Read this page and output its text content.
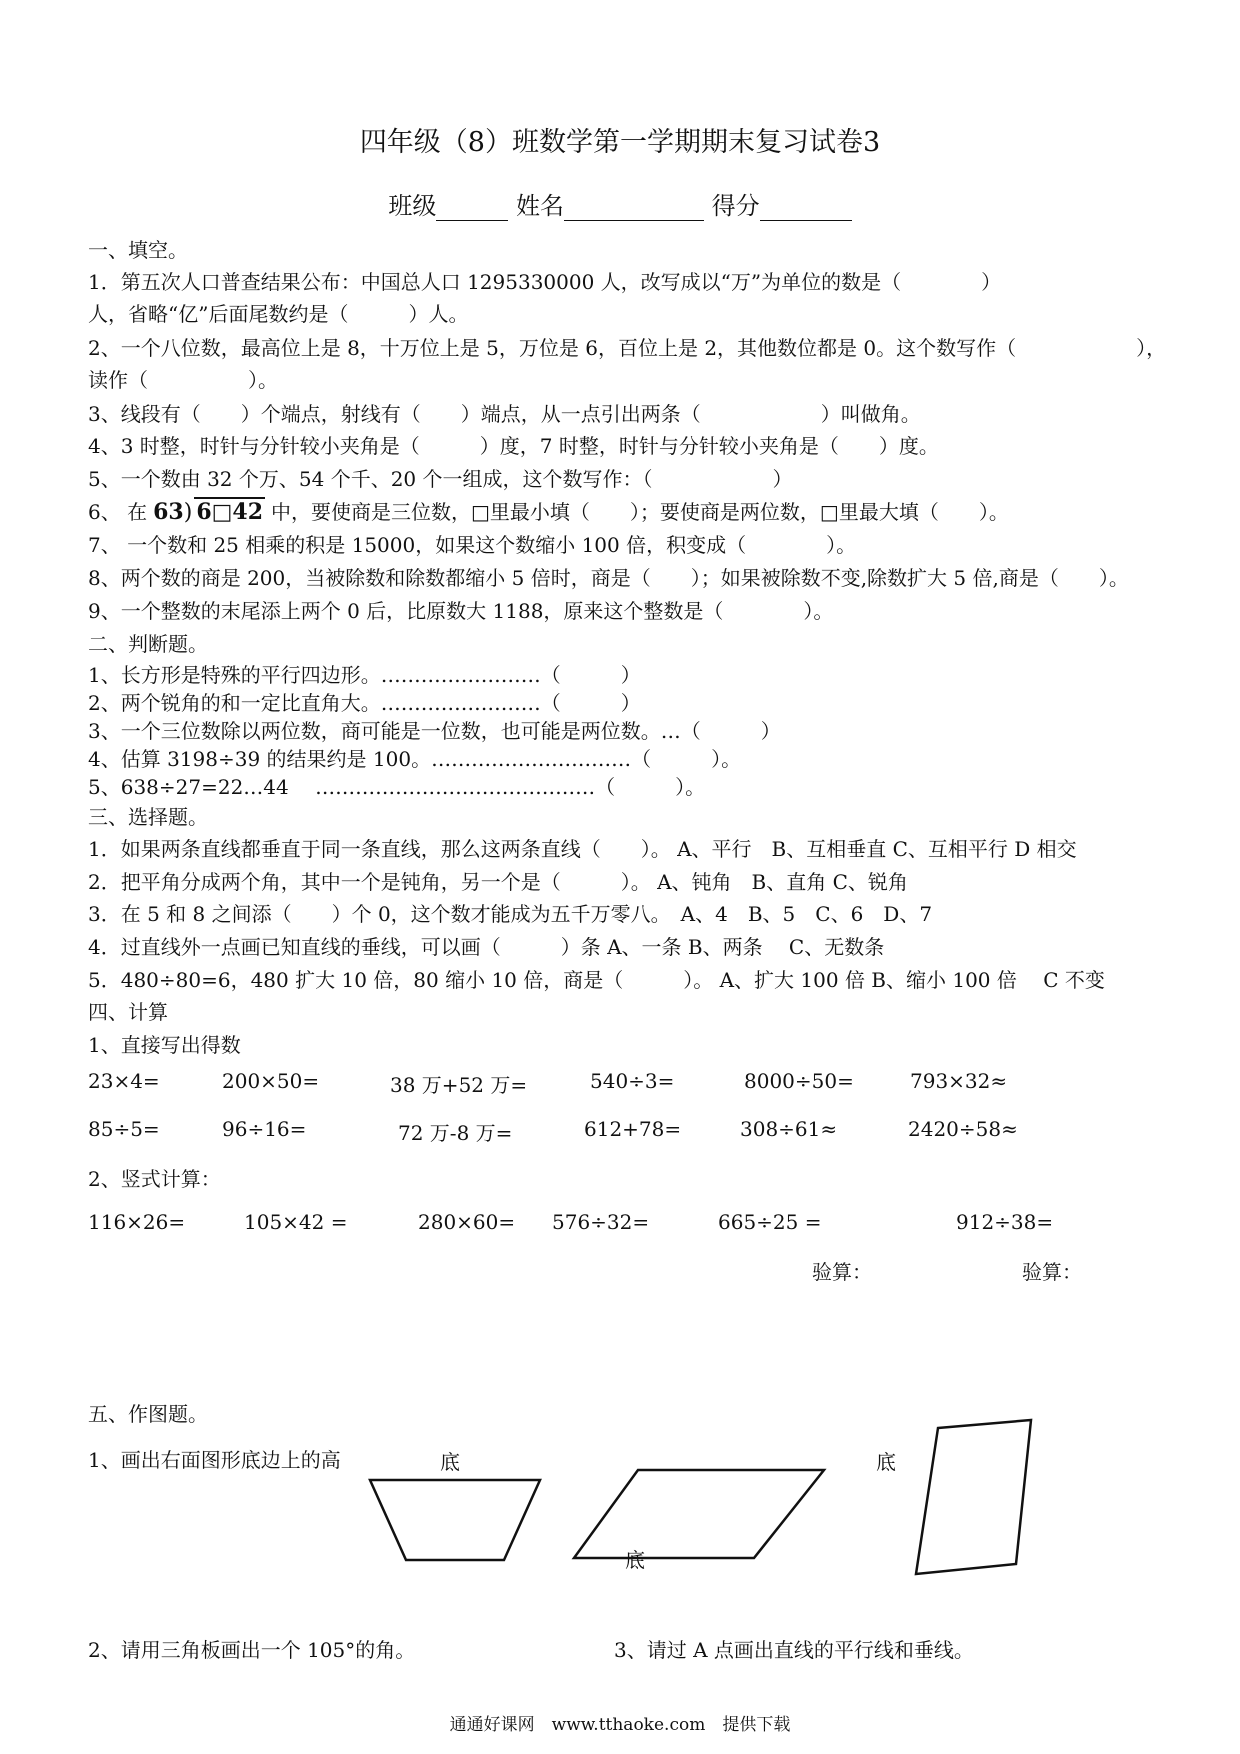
四年级（8）班数学第一学期期末复习试卷3
班级	姓名	得分
一、填空。
1．第五次人口普查结果公布：中国总人口 1295330000 人，改写成以“万”为单位的数是（　　　　）
人，省略“亿”后面尾数约是（　　　）人。
2、一个八位数，最高位上是 8，十万位上是 5，万位是 6，百位上是 2，其他数位都是 0。这个数写作（　　　　　　），
读作（　　　　　）。
3、线段有（　　）个端点，射线有（　　）端点，从一点引出两条（　　　　　　）叫做角。
4、3 时整，时针与分针较小夹角是（　　　）度，7 时整，时针与分针较小夹角是（　　）度。
5、一个数由 32 个万、54 个千、20 个一组成，这个数写作：（　　　　　　）
6、 在 63) 6□42 中，要使商是三位数，□里最小填（　　）；要使商是两位数，□里最大填（　　）。
7、 一个数和 25 相乘的积是 15000，如果这个数缩小 100 倍，积变成（　　　　）。
8、两个数的商是 200，当被除数和除数都缩小 5 倍时，商是（　　）；如果被除数不变,除数扩大 5 倍,商是（　　）。
9、一个整数的末尾添上两个 0 后，比原数大 1188，原来这个整数是（　　　　）。
二、判断题。
1、长方形是特殊的平行四边形。……………………（　　　）
2、两个锐角的和一定比直角大。……………………（　　　）
3、一个三位数除以两位数，商可能是一位数，也可能是两位数。…（　　　）
4、估算 3198÷39 的结果约是 100。…………………………（　　　）。
5、638÷27=22…44　 ……………………………………（　　　）。
三、选择题。
1．如果两条直线都垂直于同一条直线，那么这两条直线（　　）。 A、平行　B、互相垂直 C、互相平行 D 相交
2．把平角分成两个角，其中一个是钝角，另一个是（　　　）。 A、钝角　B、直角 C、锐角
3．在 5 和 8 之间添（　　）个 0，这个数才能成为五千万零八。　A、4　B、5　C、6　D、7
4．过直线外一点画已知直线的垂线，可以画（　　　）条 A、一条 B、两条　 C、无数条
5．480÷80=6，480 扩大 10 倍，80 缩小 10 倍，商是（　　　）。 A、扩大 100 倍 B、缩小 100 倍　 C 不变
四、计算
1、直接写出得数
23×4=	200×50=	38 万+52 万=	540÷3=	8000÷50=	793×32≈
85÷5=	96÷16=	72 万-8 万=	612+78=	308÷61≈	2420÷58≈
2、竖式计算：
116×26=	105×42 =	280×60= 576÷32=	665÷25 =	912÷38=
验算：	验算：
五、作图题。
1、画出右面图形底边上的高	底
底
底
2、请用三角板画出一个 105°的角。	3、请过 A 点画出直线的平行线和垂线。
通通好课网　www.tthaoke.com　提供下载
